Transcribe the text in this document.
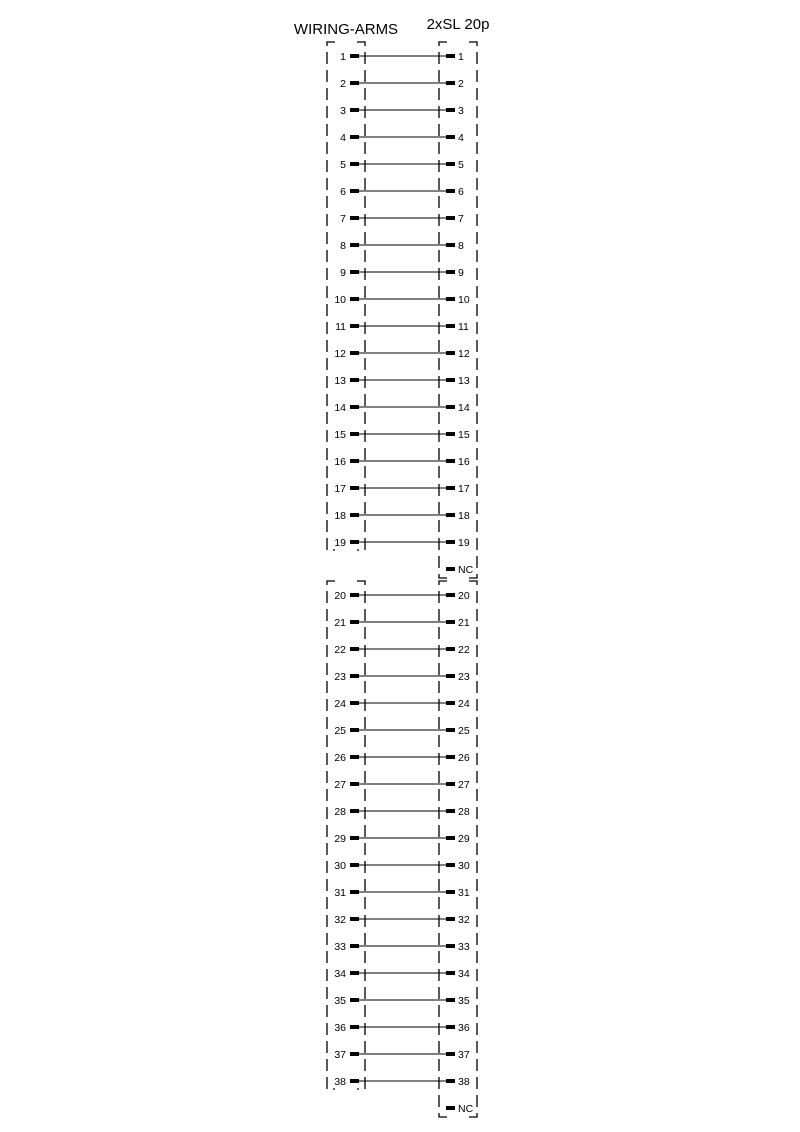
WIRING-ARMS 2xSL 20p
1
2
3
4
5
6
7
8
9
10
11
12
13
14
15
16
17
18
19
20
21
22
23
24
25
26
27
28
29
30
31
32
33
34
35
36
37
38
1
2
3
4
5
6
7
8
9
10
11
12
13
14
15
16
17
18
19
NC
20
21
22
23
24
25
26
27
28
29
30
31
32
33
34
35
36
37
38
NC
